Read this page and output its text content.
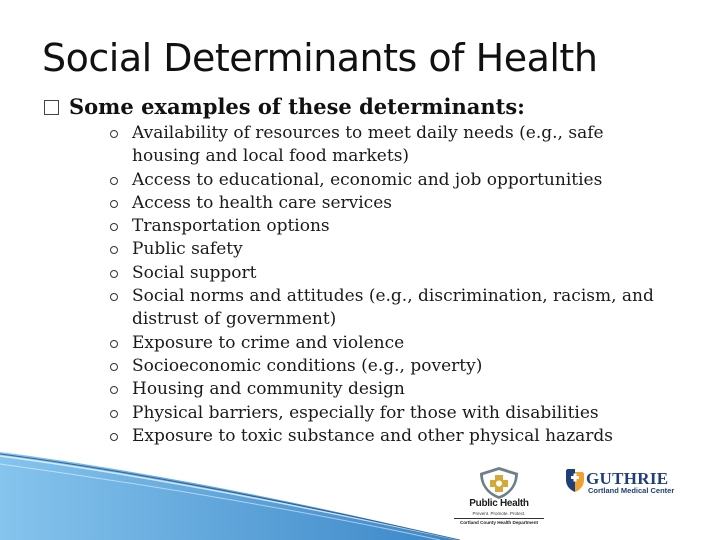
Social Determinants of Health
Some examples of these determinants:
Availability of resources to meet daily needs (e.g., safe housing and local food markets)
Access to educational, economic and job opportunities
Access to health care services
Transportation options
Public safety
Social support
Social norms and attitudes (e.g., discrimination, racism, and distrust of government)
Exposure to crime and violence
Socioeconomic conditions (e.g., poverty)
Housing and community design
Physical barriers, especially for those with disabilities
Exposure to toxic substance and other physical hazards
Public Health
Prevent. Promote. Protect.
Cortland County Health Department
GUTHRIE
Cortland Medical Center
